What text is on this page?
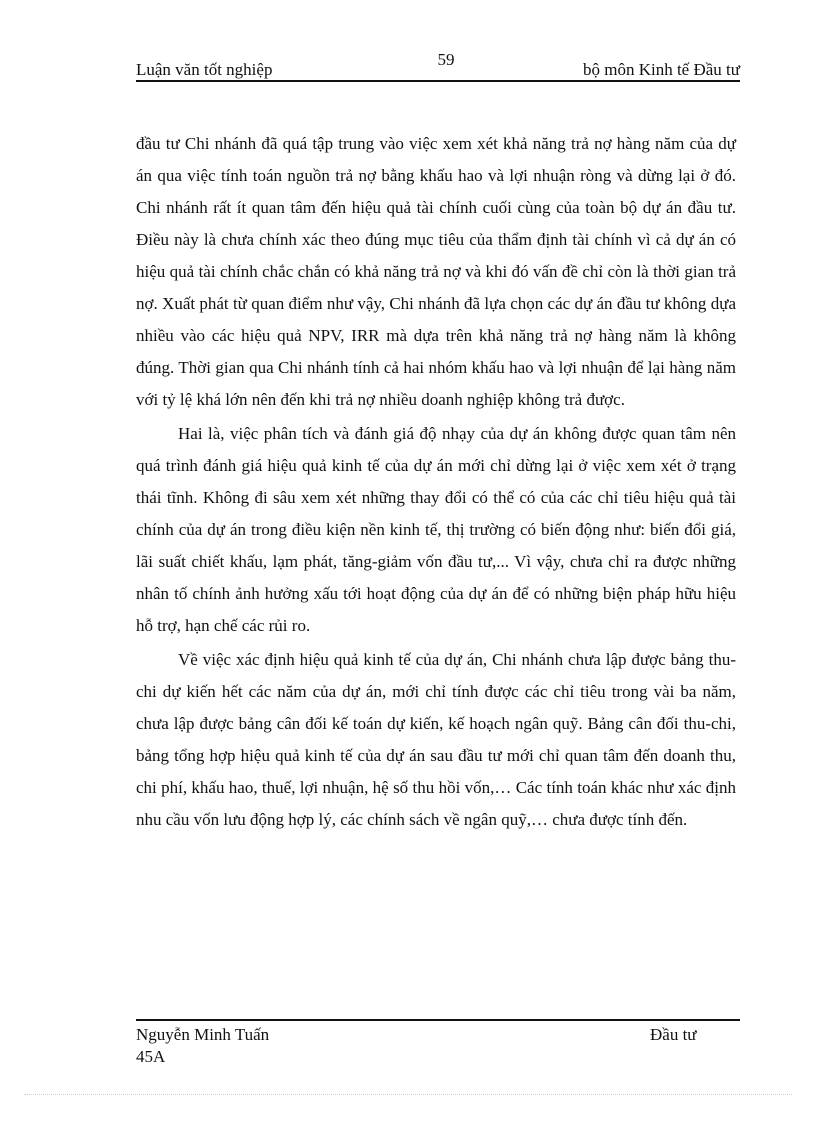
59
Luận văn tốt nghiệp	bộ môn Kinh tế Đầu tư

đầu tư Chi nhánh đã quá tập trung vào việc xem xét khả năng trả nợ hàng năm của dự án qua việc tính toán nguồn trả nợ bằng khấu hao và lợi nhuận ròng và dừng lại ở đó. Chi nhánh rất ít quan tâm đến hiệu quả tài chính cuối cùng của toàn bộ dự án đầu tư. Điều này là chưa chính xác theo đúng mục tiêu của thẩm định tài chính vì cả dự án có hiệu quả tài chính chắc chắn có khả năng trả nợ và khi đó vấn đề chỉ còn là thời gian trả nợ. Xuất phát từ quan điểm như vậy, Chi nhánh đã lựa chọn các dự án đầu tư không dựa nhiều vào các hiệu quả NPV, IRR mà dựa trên khả năng trả nợ hàng năm là không đúng. Thời gian qua Chi nhánh tính cả hai nhóm khấu hao và lợi nhuận để lại hàng năm với tỷ lệ khá lớn nên đến khi trả nợ nhiều doanh nghiệp không trả được.

Hai là, việc phân tích và đánh giá độ nhạy của dự án không được quan tâm nên quá trình đánh giá hiệu quả kinh tế của dự án mới chỉ dừng lại ở việc xem xét ở trạng thái tĩnh. Không đi sâu xem xét những thay đổi có thể có của các chỉ tiêu hiệu quả tài chính của dự án trong điều kiện nền kinh tế, thị trường có biến động như: biến đổi giá, lãi suất chiết khấu, lạm phát, tăng-giảm vốn đầu tư,... Vì vậy, chưa chỉ ra được những nhân tố chính ảnh hưởng xấu tới hoạt động của dự án để có những biện pháp hữu hiệu hỗ trợ, hạn chế các rủi ro.

Về việc xác định hiệu quả kinh tế của dự án, Chi nhánh chưa lập được bảng thu-chi dự kiến hết các năm của dự án, mới chỉ tính được các chỉ tiêu trong vài ba năm, chưa lập được bảng cân đối kế toán dự kiến, kế hoạch ngân quỹ. Bảng cân đối thu-chi, bảng tổng hợp hiệu quả kinh tế của dự án sau đầu tư mới chỉ quan tâm đến doanh thu, chi phí, khấu hao, thuế, lợi nhuận, hệ số thu hồi vốn,… Các tính toán khác như xác định nhu cầu vốn lưu động hợp lý, các chính sách về ngân quỹ,… chưa được tính đến.

Nguyễn Minh Tuấn
45A
Đầu tư
